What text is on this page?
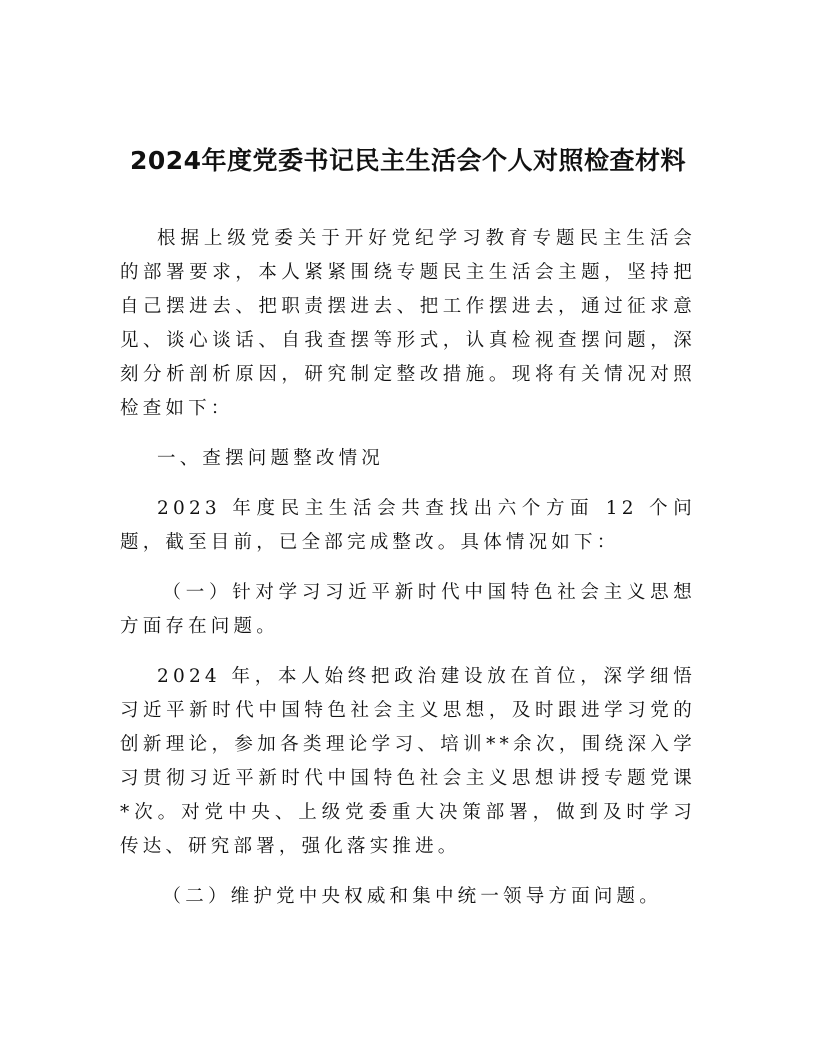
2024年度党委书记民主生活会个人对照检查材料

根据上级党委关于开好党纪学习教育专题民主生活会的部署要求，本人紧紧围绕专题民主生活会主题，坚持把自己摆进去、把职责摆进去、把工作摆进去，通过征求意见、谈心谈话、自我查摆等形式，认真检视查摆问题，深刻分析剖析原因，研究制定整改措施。现将有关情况对照检查如下：

一、查摆问题整改情况

2023 年度民主生活会共查找出六个方面 12 个问题，截至目前，已全部完成整改。具体情况如下：

（一）针对学习习近平新时代中国特色社会主义思想方面存在问题。

2024 年，本人始终把政治建设放在首位，深学细悟习近平新时代中国特色社会主义思想，及时跟进学习党的创新理论，参加各类理论学习、培训**余次，围绕深入学习贯彻习近平新时代中国特色社会主义思想讲授专题党课*次。对党中央、上级党委重大决策部署，做到及时学习传达、研究部署，强化落实推进。

（二）维护党中央权威和集中统一领导方面问题。
